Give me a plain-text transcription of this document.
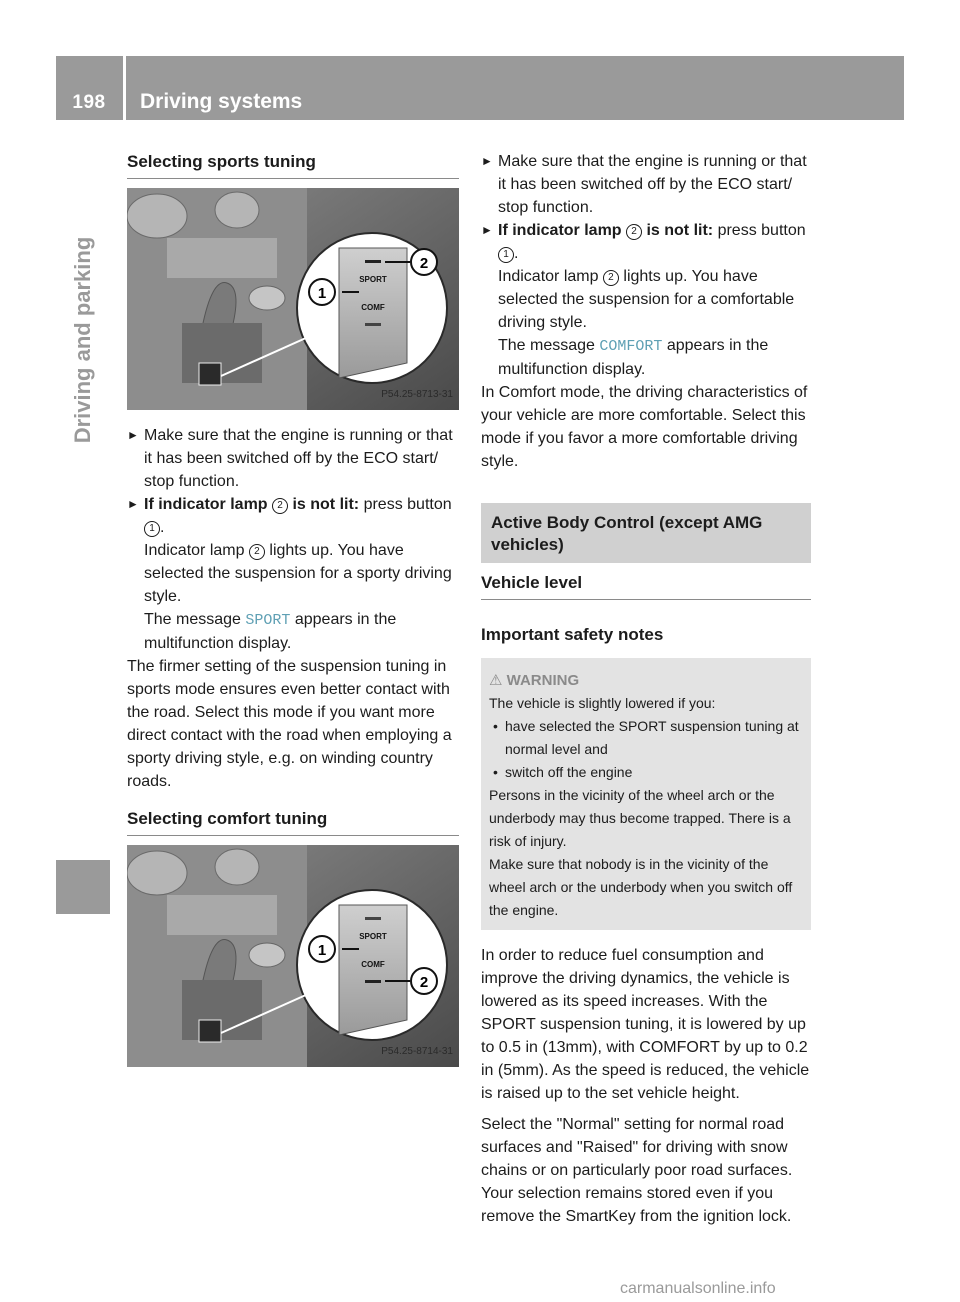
198	Driving systems
Driving and parking
Selecting sports tuning
SPORT
COMF
1
2
P54.25-8713-31
► Make sure that the engine is running or that it has been switched off by the ECO start/ stop function.

► If indicator lamp 2 is not lit: press button 1 .

Indicator lamp 2 lights up. You have selected the suspension for a sporty driving style.

The message SPORT appears in the multifunction display.

The firmer setting of the suspension tuning in sports mode ensures even better contact with the road. Select this mode if you want more direct contact with the road when employing a sporty driving style, e.g. on winding country roads.

Selecting comfort tuning
SPORT
COMF
1
2
P54.25-8714-31
► Make sure that the engine is running or that it has been switched off by the ECO start/ stop function.

► If indicator lamp 2 is not lit: press button 1 .

Indicator lamp 2 lights up. You have selected the suspension for a comfortable driving style.

The message COMFORT appears in the multifunction display.

In Comfort mode, the driving characteristics of your vehicle are more comfortable. Select this mode if you favor a more comfortable driving style.

Active Body Control (except AMG vehicles)
Vehicle level
Important safety notes
⚠ WARNING

The vehicle is slightly lowered if you:

• have selected the SPORT suspension tuning at normal level and
• switch off the engine

Persons in the vicinity of the wheel arch or the underbody may thus become trapped. There is a risk of injury.

Make sure that nobody is in the vicinity of the wheel arch or the underbody when you switch off the engine.

In order to reduce fuel consumption and improve the driving dynamics, the vehicle is lowered as its speed increases. With the SPORT suspension tuning, it is lowered by up to 0.5 in (13mm), with COMFORT by up to 0.2 in (5mm). As the speed is reduced, the vehicle is raised up to the set vehicle height.

Select the "Normal" setting for normal road surfaces and "Raised" for driving with snow chains or on particularly poor road surfaces. Your selection remains stored even if you remove the SmartKey from the ignition lock.

carmanualsonline.info
